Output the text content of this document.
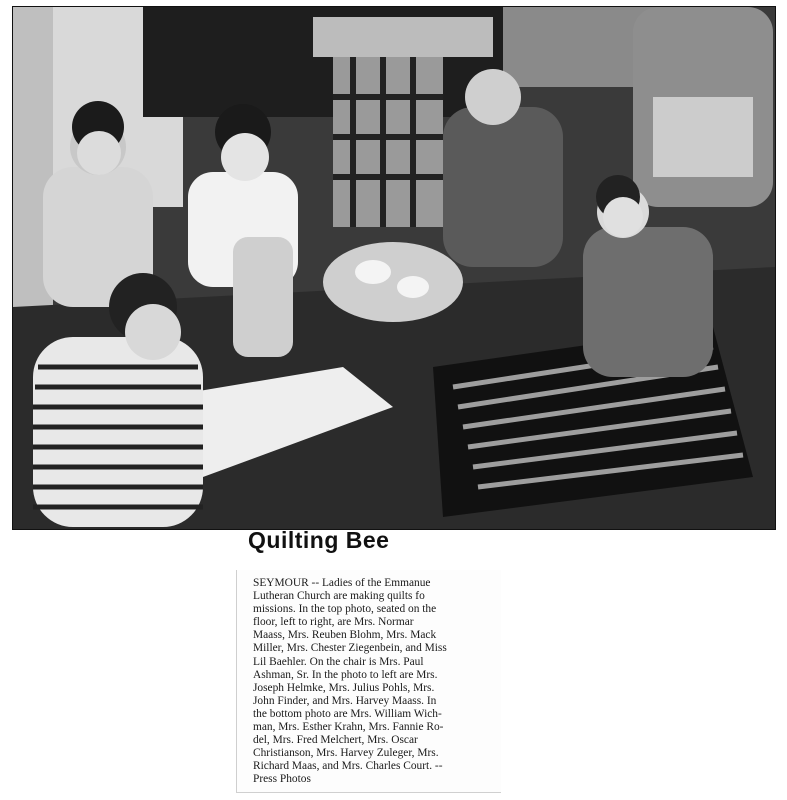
Quilting Bee
SEYMOUR -- Ladies of the Emmanue
Lutheran Church are making quilts fo
missions. In the top photo, seated on the
floor, left to right, are Mrs. Normar
Maass, Mrs. Reuben Blohm, Mrs. Mack
Miller, Mrs. Chester Ziegenbein, and Miss
Lil Baehler. On the chair is Mrs. Paul
Ashman, Sr. In the photo to left are Mrs.
Joseph Helmke, Mrs. Julius Pohls, Mrs.
John Finder, and Mrs. Harvey Maass. In
the bottom photo are Mrs. William Wich-
man, Mrs. Esther Krahn, Mrs. Fannie Ro-
del, Mrs. Fred Melchert, Mrs. Oscar
Christianson, Mrs. Harvey Zuleger, Mrs.
Richard Maas, and Mrs. Charles Court. --
Press Photos
